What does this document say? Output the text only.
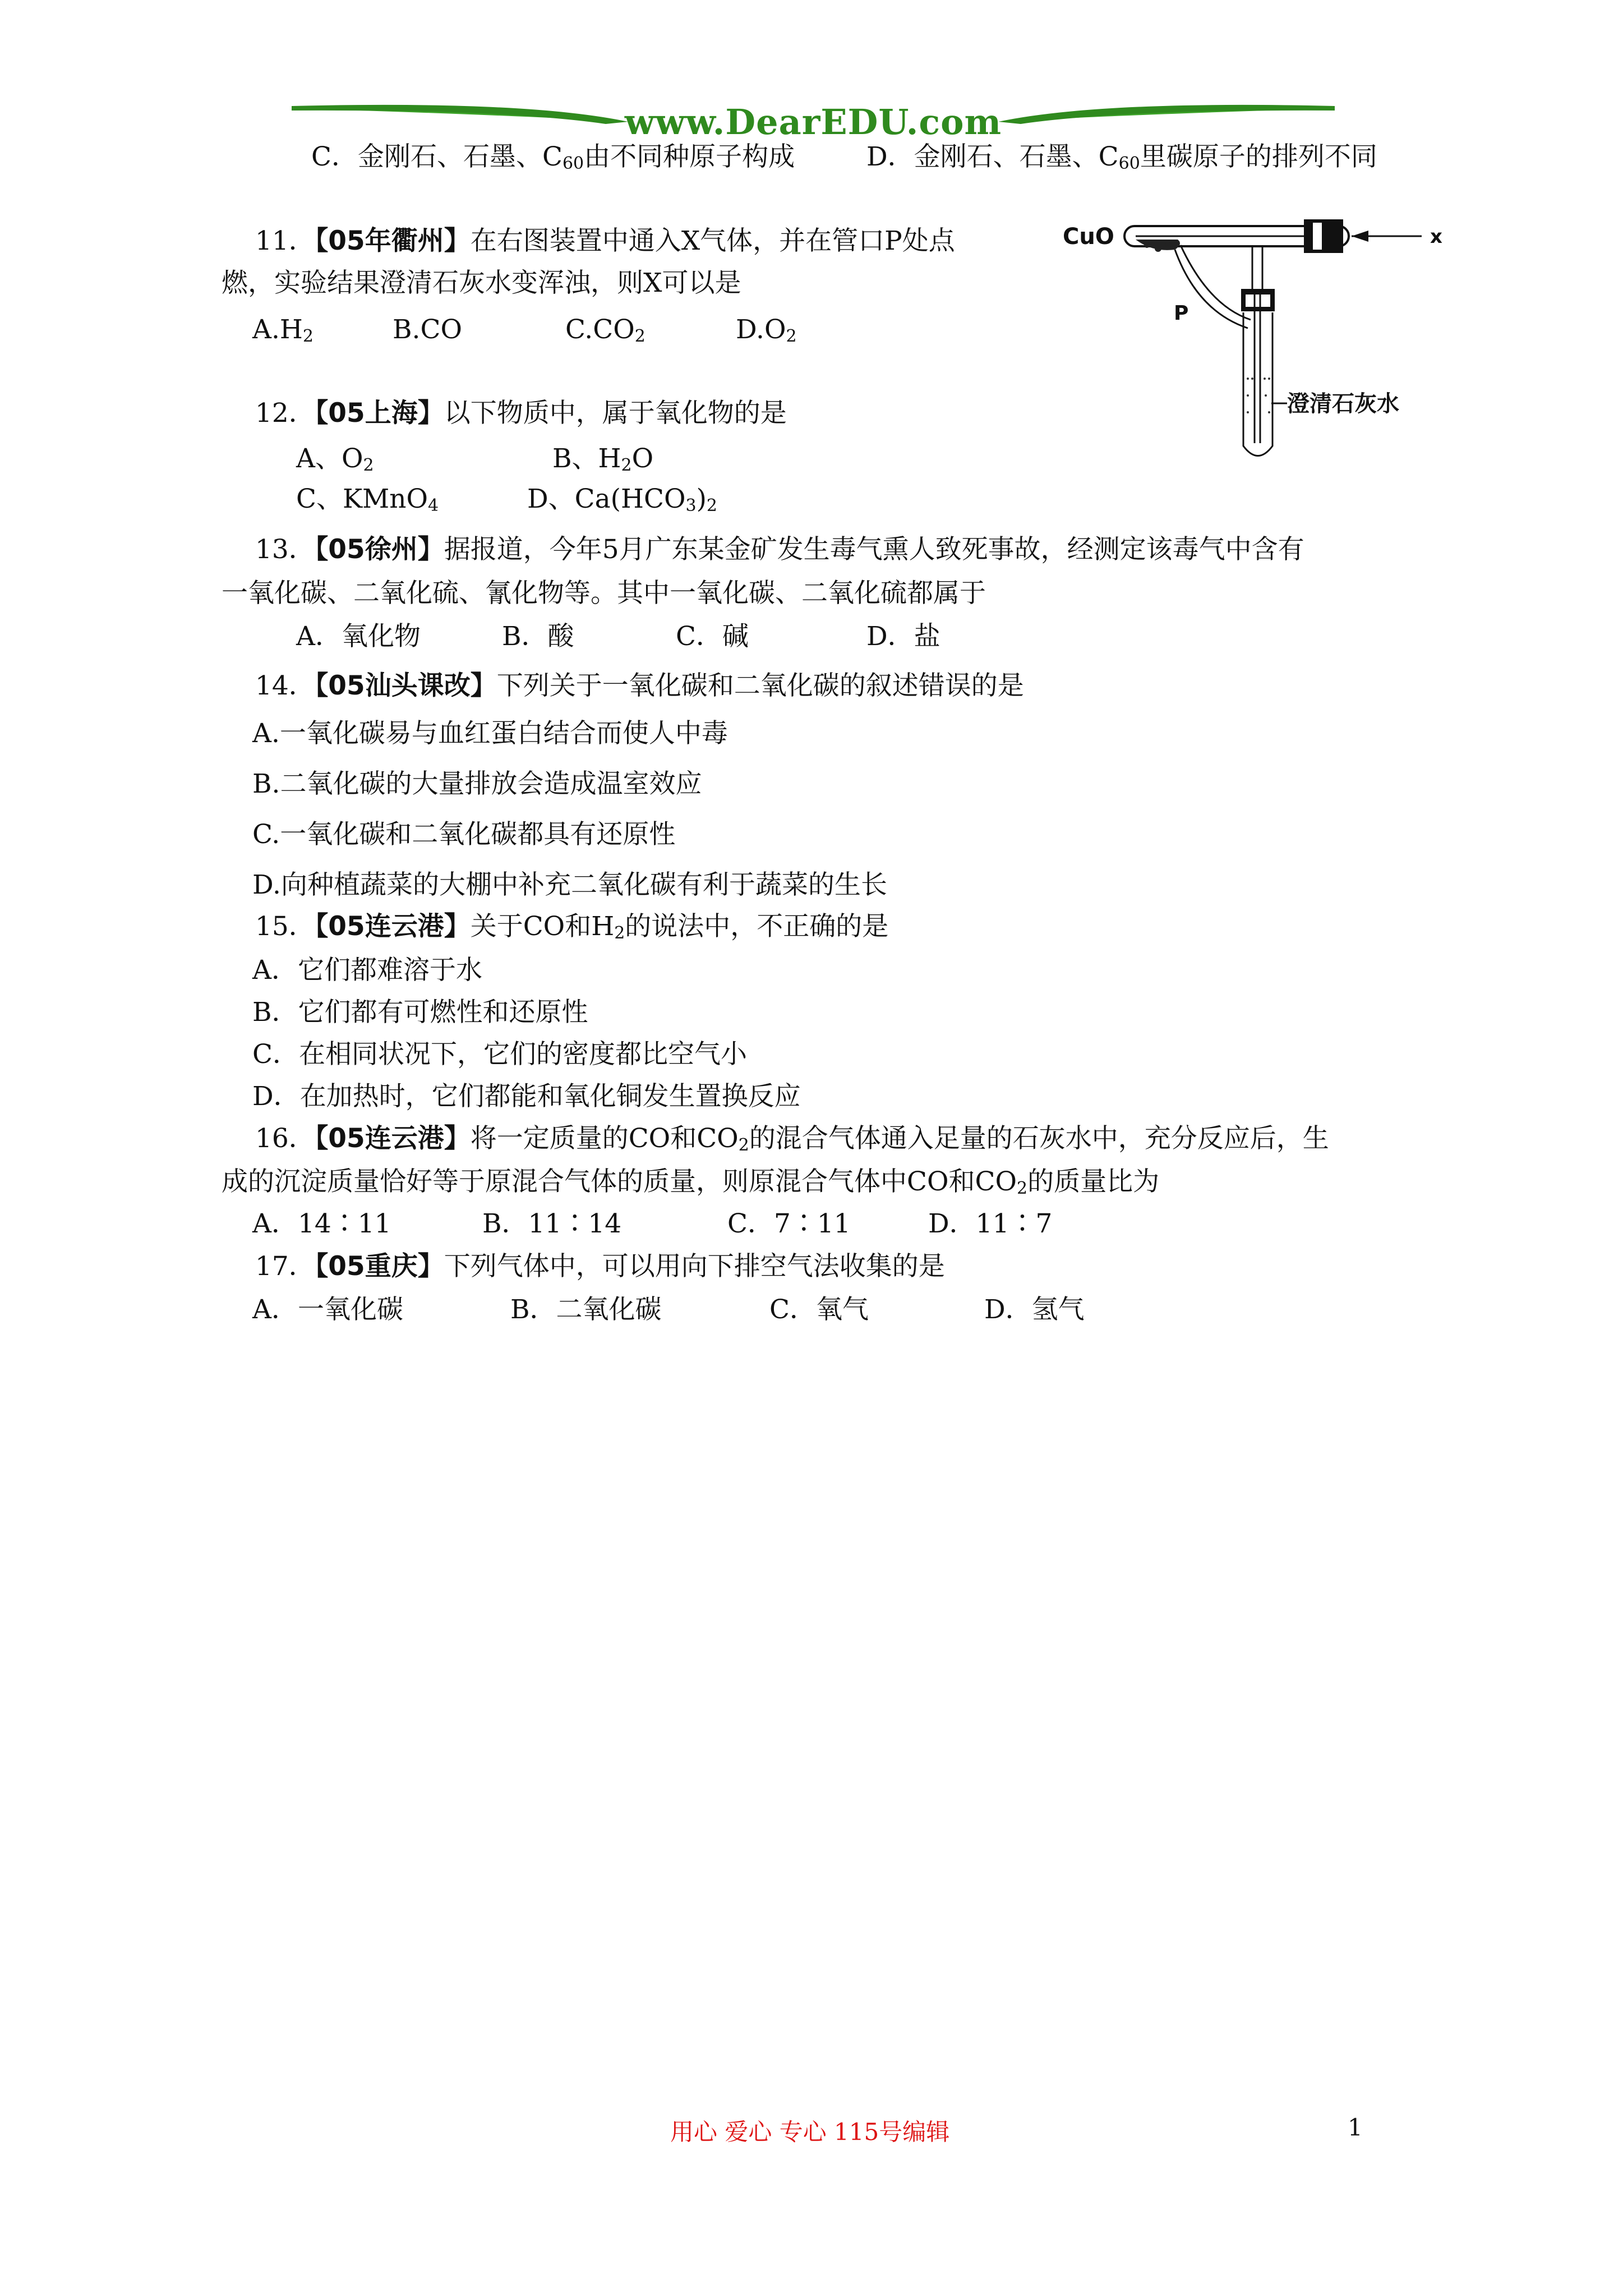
www.DearEDU.com
C．金刚石、石墨、$C_{60}$由不同种原子构成	D．金刚石、石墨、$C_{60}$里碳原子的排列不同
11．【05年衢州】在右图装置中通入X气体，并在管口P处点
燃，实验结果澄清石灰水变浑浊，则X可以是
$A.H_2$	B.CO	$C.CO_2$	$D.O_2$
CuO	x
P
澄清石灰水
12．【05上海】以下物质中，属于氧化物的是
A、$O_2$	B、$H_2O$
C、KMnO$_4$	D、$Ca(HCO_3)_2$
13．【05徐州】据报道，今年5月广东某金矿发生毒气熏人致死事故，经测定该毒气中含有
一氧化碳、二氧化硫、氰化物等。其中一氧化碳、二氧化硫都属于
A．氧化物	B．酸	C．碱	D．盐
14．【05汕头课改】下列关于一氧化碳和二氧化碳的叙述错误的是
A.一氧化碳易与血红蛋白结合而使人中毒
B.二氧化碳的大量排放会造成温室效应
C.一氧化碳和二氧化碳都具有还原性
D.向种植蔬菜的大棚中补充二氧化碳有利于蔬菜的生长
15．【05连云港】关于CO和$H_2$的说法中，不正确的是
A．它们都难溶于水
B．它们都有可燃性和还原性
C．在相同状况下，它们的密度都比空气小
D．在加热时，它们都能和氧化铜发生置换反应
16．【05连云港】将一定质量的CO和$CO_2$的混合气体通入足量的石灰水中，充分反应后，生
成的沉淀质量恰好等于原混合气体的质量，则原混合气体中CO和$CO_2$的质量比为
A．14∶11	B．11∶14	C．7∶11	D．11∶7
17．【05重庆】下列气体中，可以用向下排空气法收集的是
A．一氧化碳	B．二氧化碳	C．氧气	D．氢气
用心 爱心 专心 115号编辑	1
